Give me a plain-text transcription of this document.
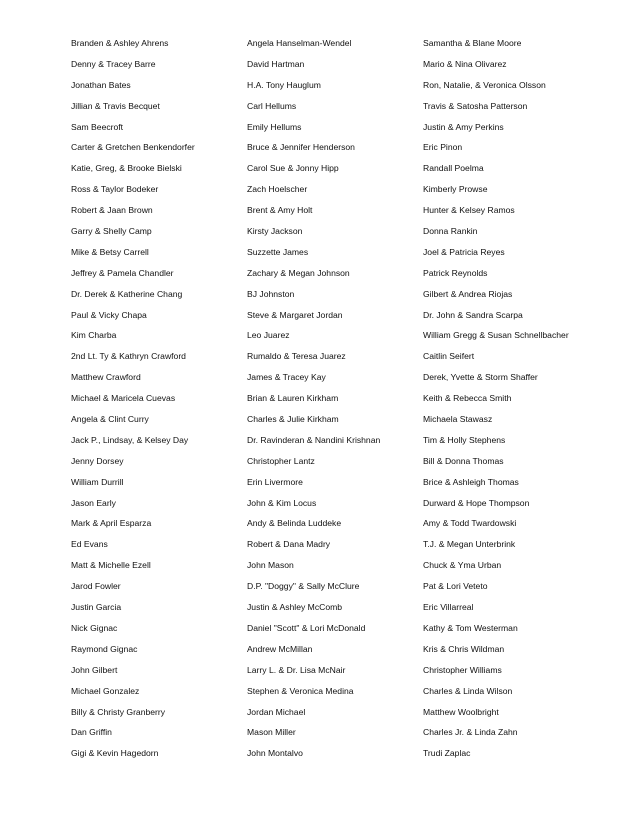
Branden & Ashley Ahrens
Denny & Tracey Barre
Jonathan Bates
Jillian & Travis Becquet
Sam Beecroft
Carter & Gretchen Benkendorfer
Katie, Greg, & Brooke Bielski
Ross & Taylor Bodeker
Robert & Jaan Brown
Garry & Shelly Camp
Mike & Betsy Carrell
Jeffrey & Pamela Chandler
Dr. Derek & Katherine Chang
Paul & Vicky Chapa
Kim Charba
2nd Lt. Ty & Kathryn Crawford
Matthew Crawford
Michael & Maricela Cuevas
Angela & Clint Curry
Jack P., Lindsay, & Kelsey Day
Jenny Dorsey
William Durrill
Jason Early
Mark & April Esparza
Ed Evans
Matt & Michelle Ezell
Jarod Fowler
Justin Garcia
Nick Gignac
Raymond Gignac
John Gilbert
Michael Gonzalez
Billy & Christy Granberry
Dan Griffin
Gigi & Kevin Hagedorn
Angela Hanselman-Wendel
David Hartman
H.A. Tony Hauglum
Carl Hellums
Emily Hellums
Bruce & Jennifer Henderson
Carol Sue & Jonny Hipp
Zach Hoelscher
Brent & Amy Holt
Kirsty Jackson
Suzzette James
Zachary & Megan Johnson
BJ Johnston
Steve & Margaret Jordan
Leo Juarez
Rumaldo & Teresa Juarez
James & Tracey Kay
Brian & Lauren Kirkham
Charles & Julie Kirkham
Dr. Ravinderan & Nandini Krishnan
Christopher Lantz
Erin Livermore
John & Kim Locus
Andy & Belinda Luddeke
Robert & Dana Madry
John Mason
D.P. "Doggy" & Sally McClure
Justin & Ashley McComb
Daniel "Scott" & Lori McDonald
Andrew McMillan
Larry L. & Dr. Lisa McNair
Stephen & Veronica Medina
Jordan Michael
Mason Miller
John Montalvo
Samantha & Blane Moore
Mario & Nina Olivarez
Ron, Natalie, & Veronica Olsson
Travis & Satosha Patterson
Justin & Amy Perkins
Eric Pinon
Randall Poelma
Kimberly Prowse
Hunter & Kelsey Ramos
Donna Rankin
Joel & Patricia Reyes
Patrick Reynolds
Gilbert & Andrea Riojas
Dr. John & Sandra Scarpa
William Gregg & Susan Schnellbacher
Caitlin Seifert
Derek, Yvette & Storm Shaffer
Keith & Rebecca Smith
Michaela Stawasz
Tim & Holly Stephens
Bill & Donna Thomas
Brice & Ashleigh Thomas
Durward & Hope Thompson
Amy & Todd Twardowski
T.J. & Megan Unterbrink
Chuck & Yma Urban
Pat & Lori Veteto
Eric Villarreal
Kathy & Tom Westerman
Kris & Chris Wildman
Christopher Williams
Charles & Linda Wilson
Matthew Woolbright
Charles Jr. & Linda Zahn
Trudi Zaplac
